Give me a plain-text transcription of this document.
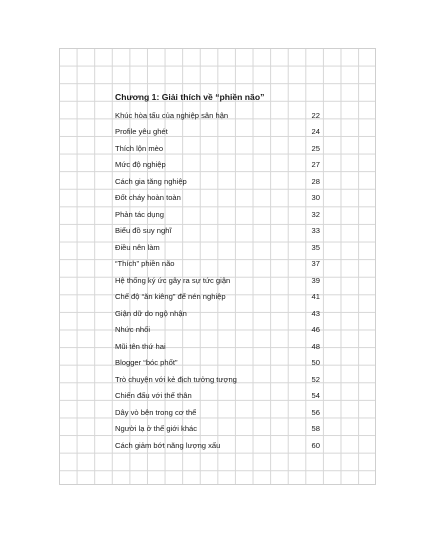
Chương 1: Giải thích về “phiền não”
Khúc hòa tấu của nghiệp sân hận	22
Profile yêu ghét	24
Thích lộn mèo	25
Mức độ nghiệp	27
Cách gia tăng nghiệp	28
Đốt cháy hoàn toàn	30
Phản tác dụng	32
Biểu đồ suy nghĩ	33
Điều nên làm	35
“Thích” phiền não	37
Hệ thống ký ức gây ra sự tức giận	39
Chế độ “ăn kiêng” để nén nghiệp	41
Giận dữ do ngộ nhận	43
Nhức nhối	46
Mũi tên thứ hai	48
Blogger “bóc phốt”	50
Trò chuyện với kẻ địch tưởng tượng	52
Chiến đấu với thế thân	54
Dây vò bên trong cơ thể	56
Người lạ ở thế giới khác	58
Cách giảm bớt năng lượng xấu	60
